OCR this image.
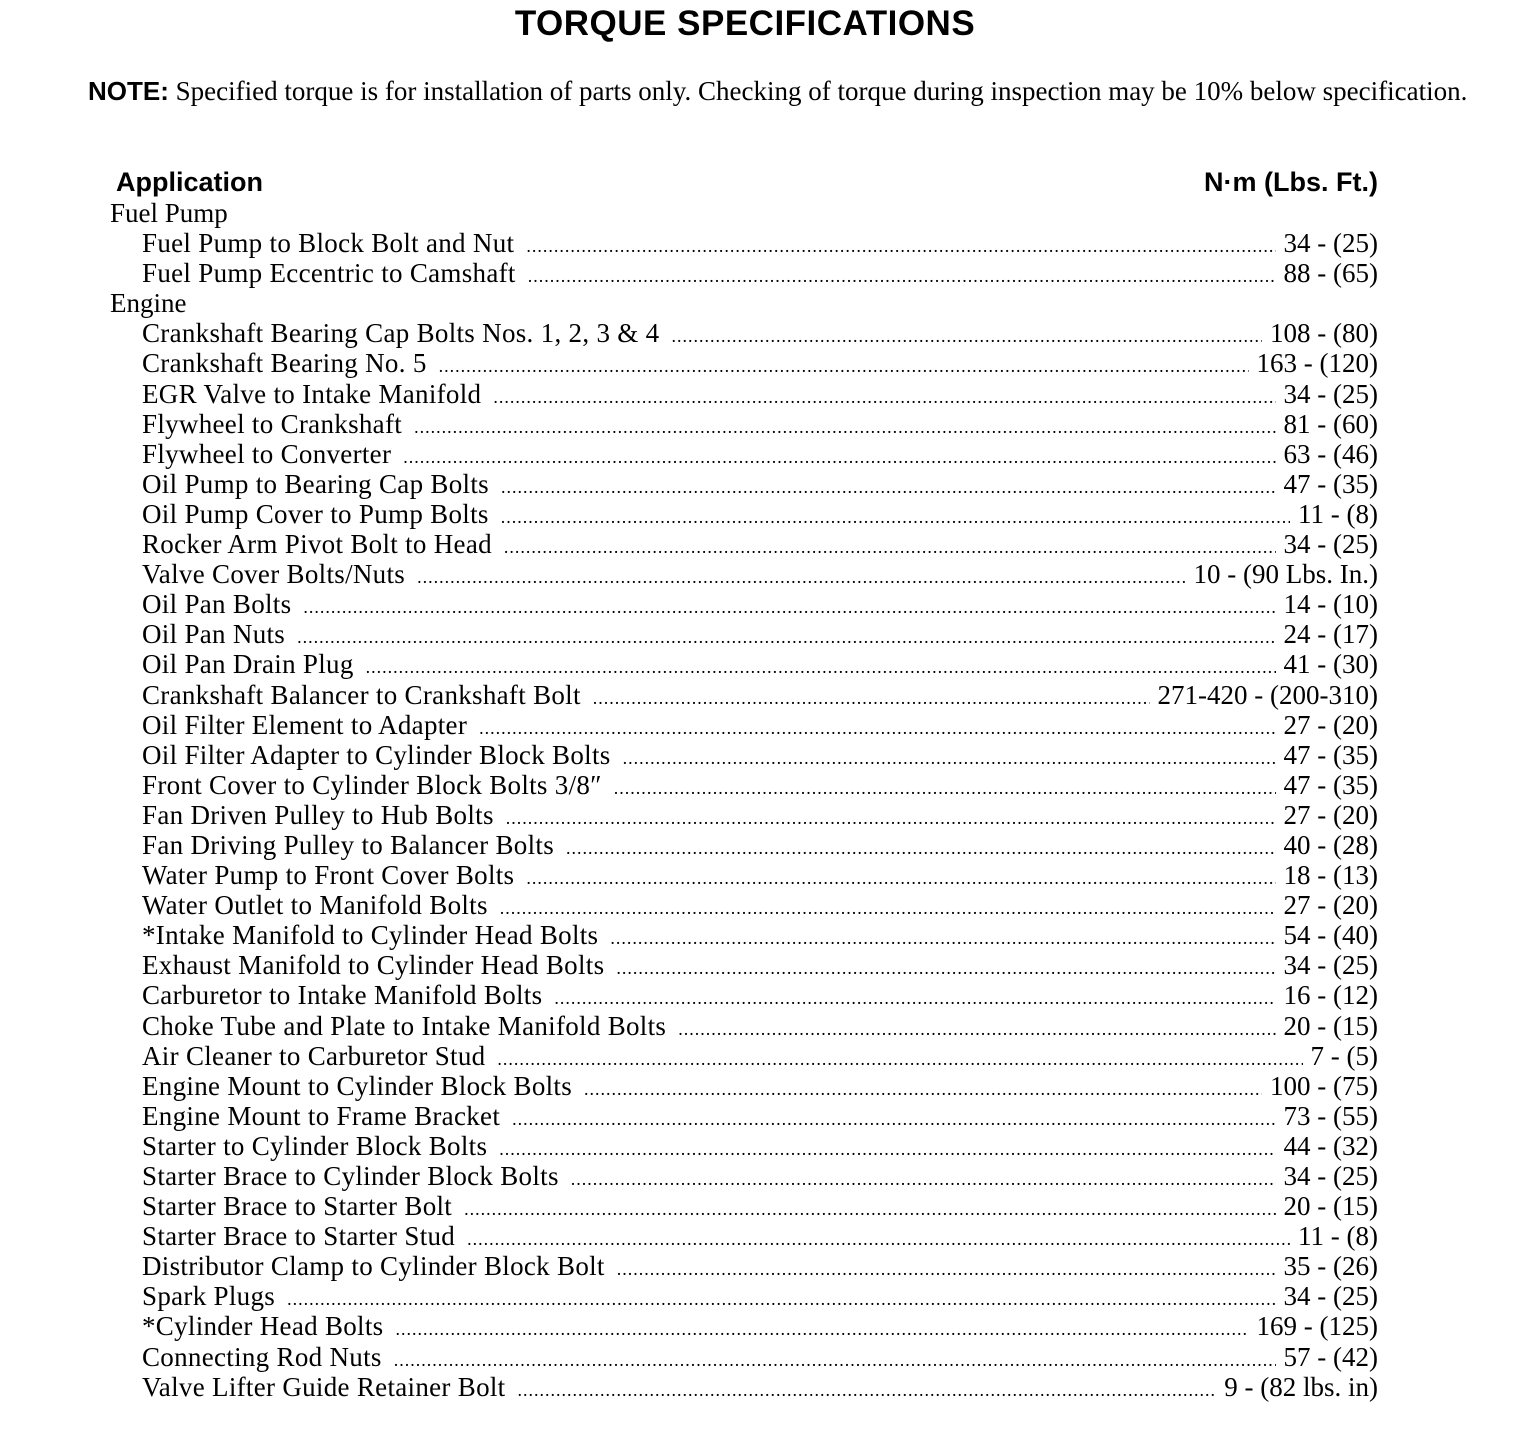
TORQUE SPECIFICATIONS
NOTE: Specified torque is for installation of parts only. Checking of torque during inspection may be 10% below specification.
Application	N·m (Lbs. Ft.)
Fuel Pump
Fuel Pump to Block Bolt and Nut .....	34 - (25)
Fuel Pump Eccentric to Camshaft .....	88 - (65)
Engine
Crankshaft Bearing Cap Bolts Nos. 1, 2, 3 & 4 .....	108 - (80)
Crankshaft Bearing No. 5 .....	163 - (120)
EGR Valve to Intake Manifold .....	34 - (25)
Flywheel to Crankshaft .....	81 - (60)
Flywheel to Converter .....	63 - (46)
Oil Pump to Bearing Cap Bolts .....	47 - (35)
Oil Pump Cover to Pump Bolts .....	11 - (8)
Rocker Arm Pivot Bolt to Head .....	34 - (25)
Valve Cover Bolts/Nuts .....	10 - (90 Lbs. In.)
Oil Pan Bolts .....	14 - (10)
Oil Pan Nuts .....	24 - (17)
Oil Pan Drain Plug .....	41 - (30)
Crankshaft Balancer to Crankshaft Bolt .....	271-420 - (200-310)
Oil Filter Element to Adapter .....	27 - (20)
Oil Filter Adapter to Cylinder Block Bolts .....	47 - (35)
Front Cover to Cylinder Block Bolts 3/8″ .....	47 - (35)
Fan Driven Pulley to Hub Bolts .....	27 - (20)
Fan Driving Pulley to Balancer Bolts .....	40 - (28)
Water Pump to Front Cover Bolts .....	18 - (13)
Water Outlet to Manifold Bolts .....	27 - (20)
*Intake Manifold to Cylinder Head Bolts .....	54 - (40)
Exhaust Manifold to Cylinder Head Bolts .....	34 - (25)
Carburetor to Intake Manifold Bolts .....	16 - (12)
Choke Tube and Plate to Intake Manifold Bolts .....	20 - (15)
Air Cleaner to Carburetor Stud .....	7 - (5)
Engine Mount to Cylinder Block Bolts .....	100 - (75)
Engine Mount to Frame Bracket .....	73 - (55)
Starter to Cylinder Block Bolts .....	44 - (32)
Starter Brace to Cylinder Block Bolts .....	34 - (25)
Starter Brace to Starter Bolt .....	20 - (15)
Starter Brace to Starter Stud .....	11 - (8)
Distributor Clamp to Cylinder Block Bolt .....	35 - (26)
Spark Plugs .....	34 - (25)
*Cylinder Head Bolts .....	169 - (125)
Connecting Rod Nuts .....	57 - (42)
Valve Lifter Guide Retainer Bolt .....	9 - (82 lbs. in)
